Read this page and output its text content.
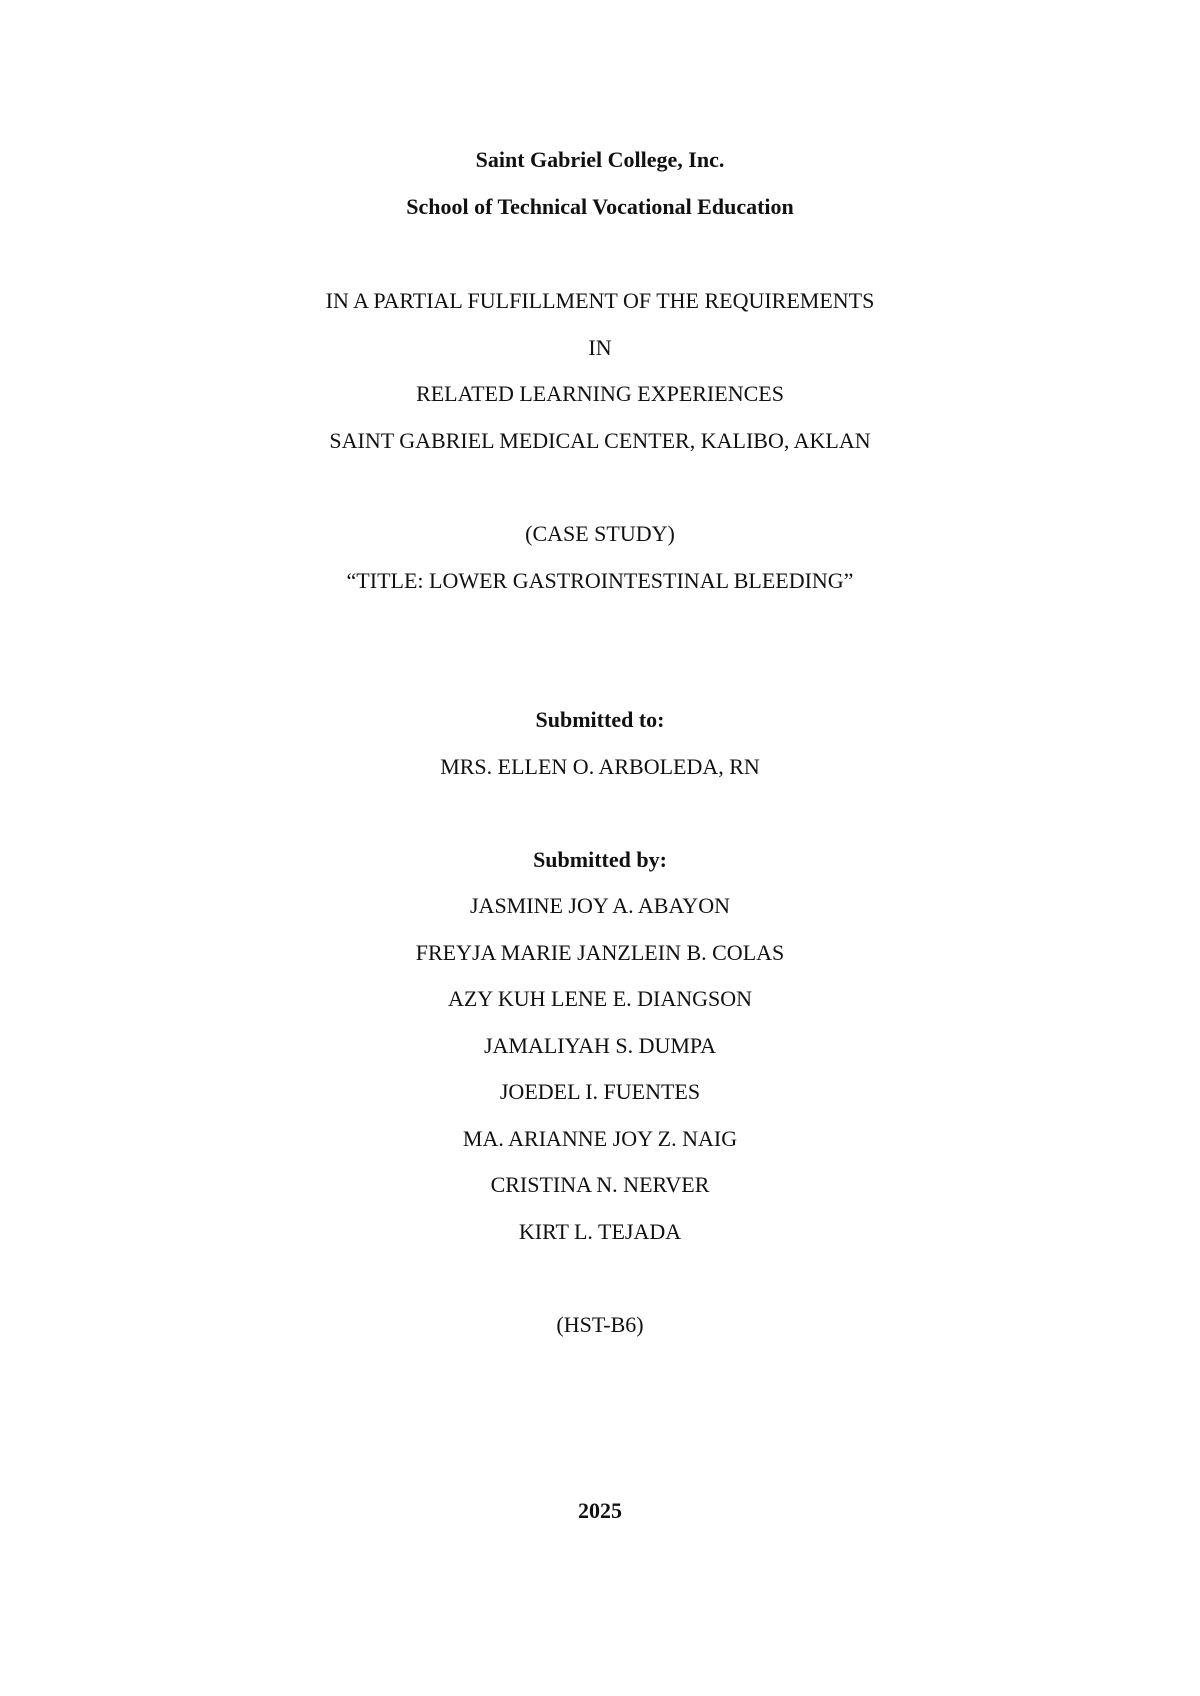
Saint Gabriel College, Inc.
School of Technical Vocational Education
IN A PARTIAL FULFILLMENT OF THE REQUIREMENTS
IN
RELATED LEARNING EXPERIENCES
SAINT GABRIEL MEDICAL CENTER, KALIBO, AKLAN
(CASE STUDY)
“TITLE: LOWER GASTROINTESTINAL BLEEDING”
Submitted to:
MRS. ELLEN O. ARBOLEDA, RN
Submitted by:
JASMINE JOY A. ABAYON
FREYJA MARIE JANZLEIN B. COLAS
AZY KUH LENE E. DIANGSON
JAMALIYAH S. DUMPA
JOEDEL I. FUENTES
MA. ARIANNE JOY Z. NAIG
CRISTINA N. NERVER
KIRT L. TEJADA
(HST-B6)
2025
